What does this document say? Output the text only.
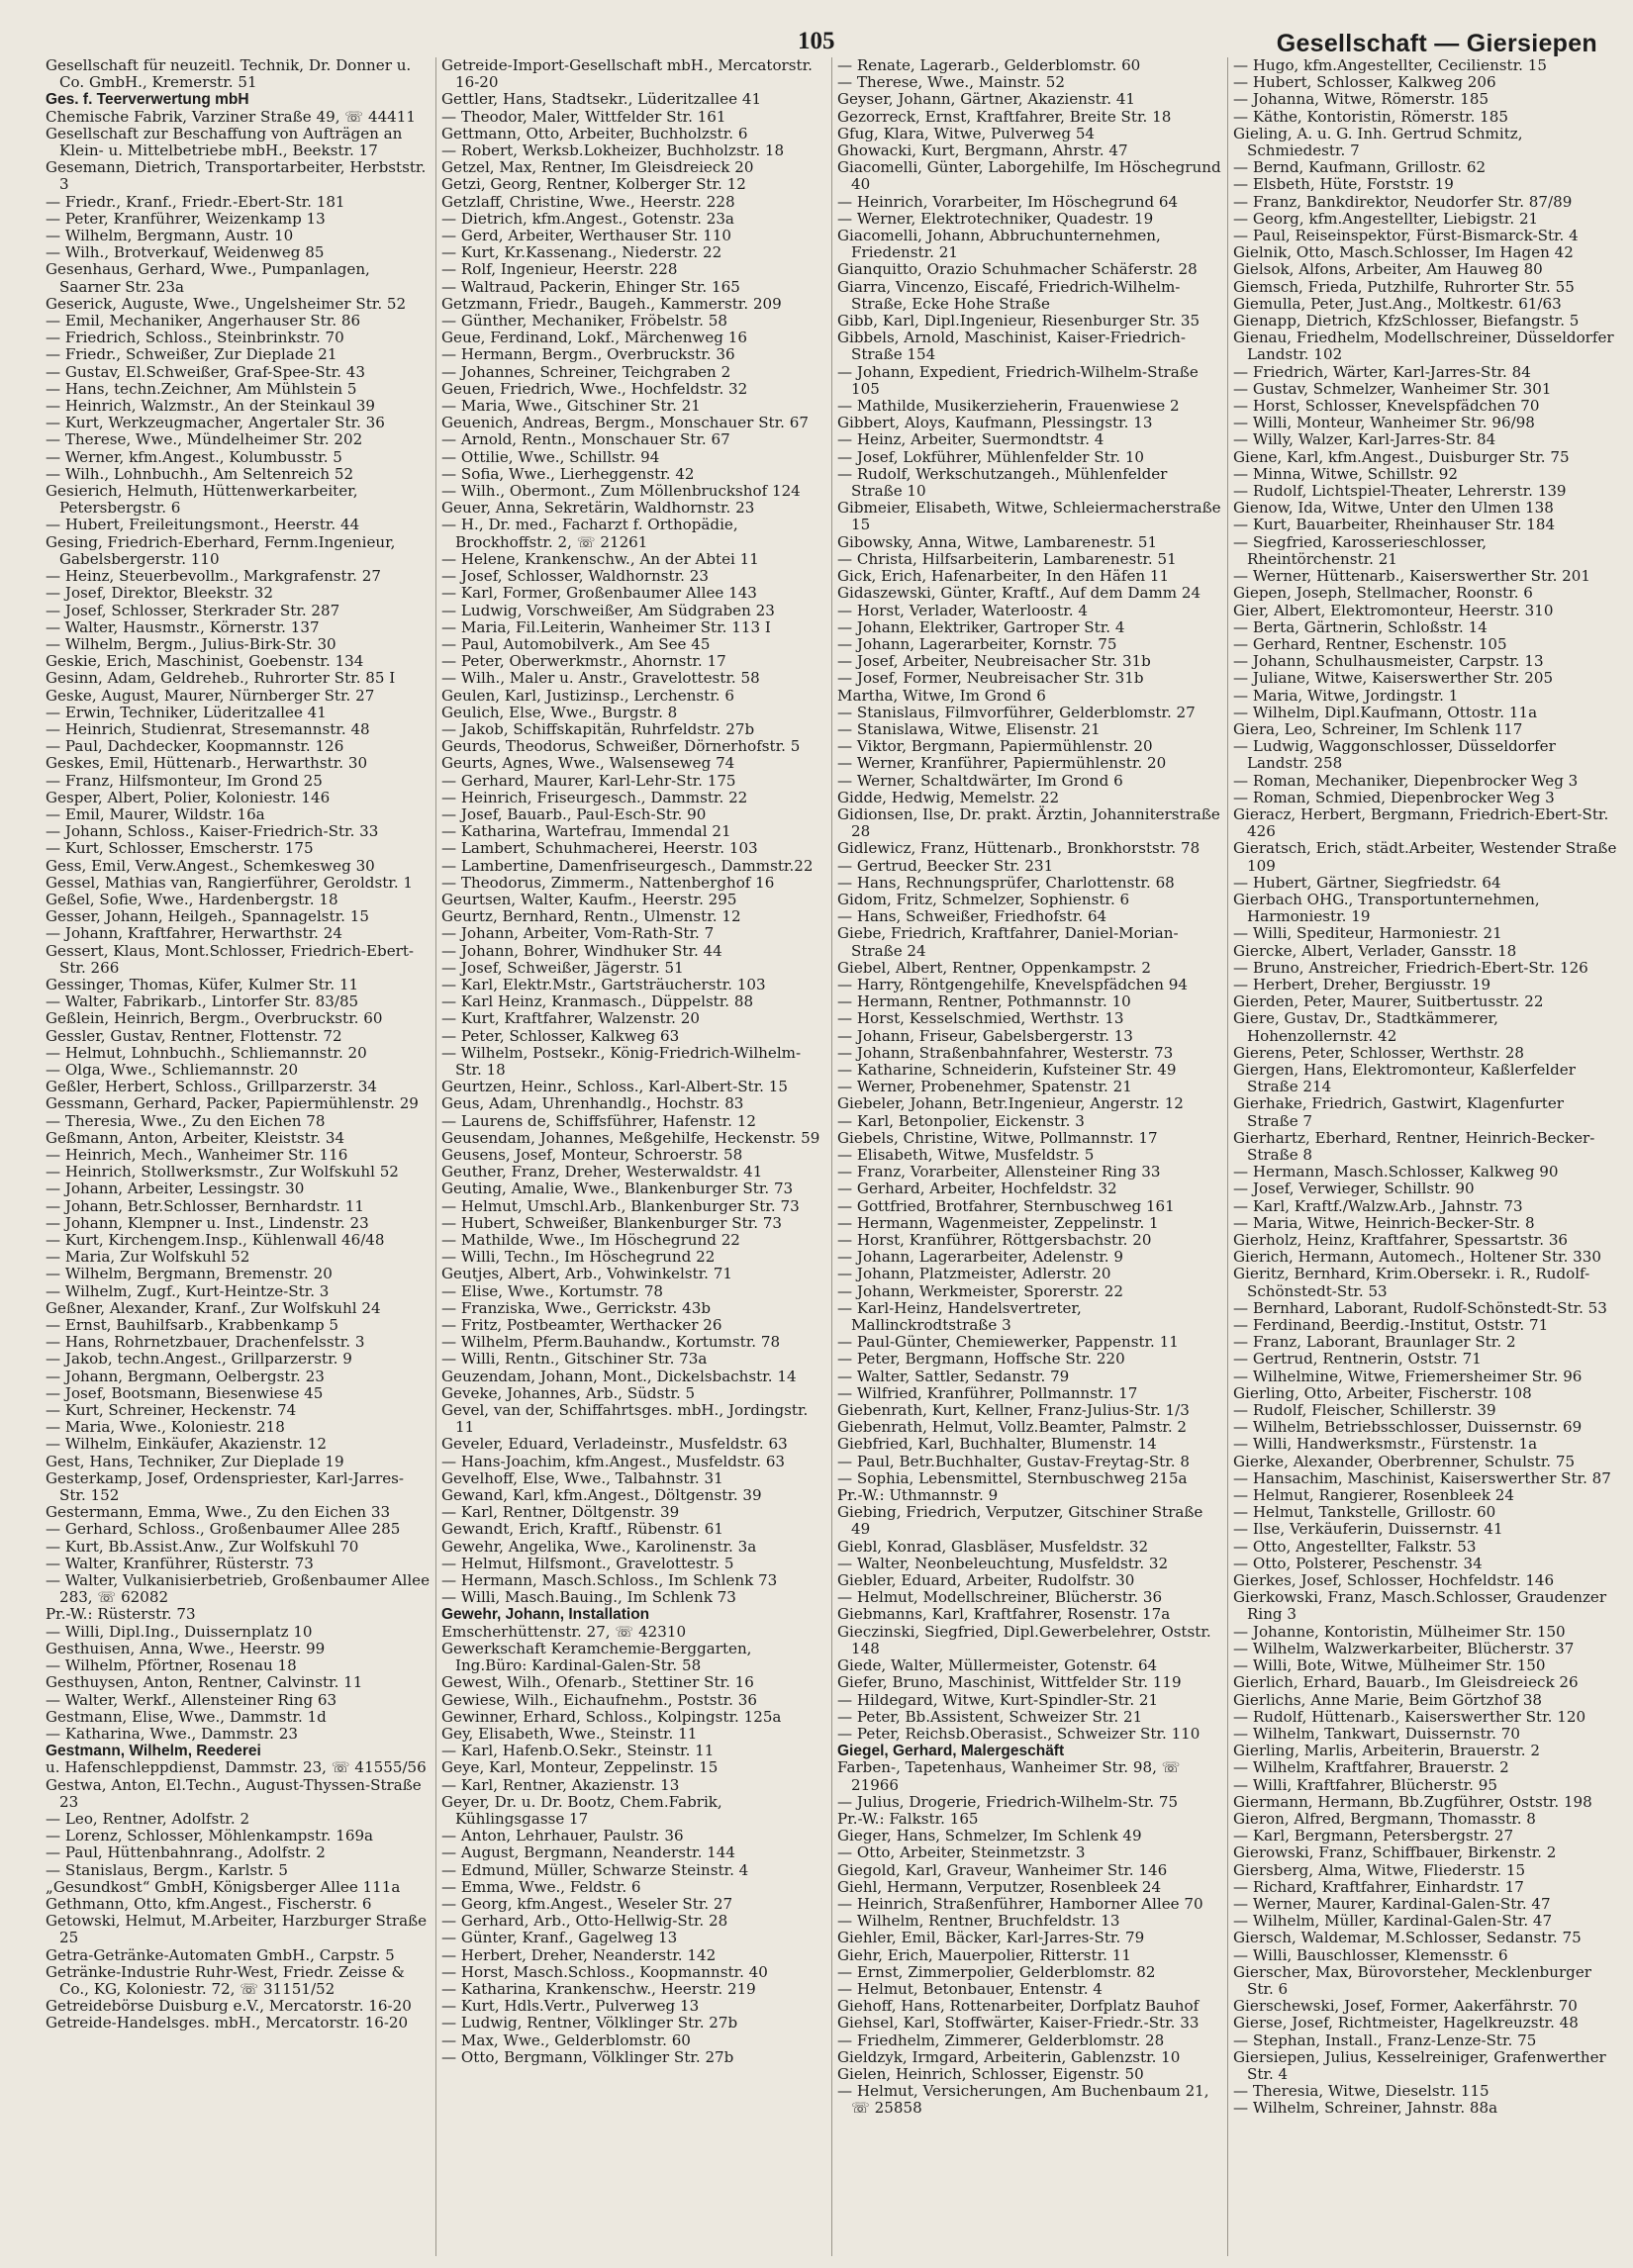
105	Gesellschaft — Giersiepen
Gesellschaft für neuzeitl. Technik, Dr. Donner u. Co. GmbH., Kremerstr. 51
Ges. f. Teerverwertung mbH
Chemische Fabrik, Varziner Straße 49, ☏ 44411
Gesellschaft zur Beschaffung von Aufträgen an Klein- u. Mittelbetriebe mbH., Beekstr. 17
Gesemann, Dietrich, Transportarbeiter, Herbststr. 3
— Friedr., Kranf., Friedr.-Ebert-Str. 181
— Peter, Kranführer, Weizenkamp 13
— Wilhelm, Bergmann, Austr. 10
— Wilh., Brotverkauf, Weidenweg 85
Gesenhaus, Gerhard, Wwe., Pumpanlagen, Saarner Str. 23a
Geserick, Auguste, Wwe., Ungelsheimer Str. 52
— Emil, Mechaniker, Angerhauser Str. 86
— Friedrich, Schloss., Steinbrinkstr. 70
— Friedr., Schweißer, Zur Dieplade 21
— Gustav, El.Schweißer, Graf-Spee-Str. 43
— Hans, techn.Zeichner, Am Mühlstein 5
— Heinrich, Walzmstr., An der Steinkaul 39
— Kurt, Werkzeugmacher, Angertaler Str. 36
— Therese, Wwe., Mündelheimer Str. 202
— Werner, kfm.Angest., Kolumbusstr. 5
— Wilh., Lohnbuchh., Am Seltenreich 52
Gesierich, Helmuth, Hüttenwerkarbeiter, Petersbergstr. 6
— Hubert, Freileitungsmont., Heerstr. 44
Gesing, Friedrich-Eberhard, Fernm.Ingenieur, Gabelsbergerstr. 110
— Heinz, Steuerbevollm., Markgrafenstr. 27
— Josef, Direktor, Bleekstr. 32
— Josef, Schlosser, Sterkrader Str. 287
— Walter, Hausmstr., Körnerstr. 137
— Wilhelm, Bergm., Julius-Birk-Str. 30
Geskie, Erich, Maschinist, Goebenstr. 134
Gesinn, Adam, Geldreheb., Ruhrorter Str. 85 I
Geske, August, Maurer, Nürnberger Str. 27
— Erwin, Techniker, Lüderitzallee 41
— Heinrich, Studienrat, Stresemannstr. 48
— Paul, Dachdecker, Koopmannstr. 126
Geskes, Emil, Hüttenarb., Herwarthstr. 30
— Franz, Hilfsmonteur, Im Grond 25
Gesper, Albert, Polier, Koloniestr. 146
— Emil, Maurer, Wildstr. 16a
— Johann, Schloss., Kaiser-Friedrich-Str. 33
— Kurt, Schlosser, Emscherstr. 175
Gess, Emil, Verw.Angest., Schemkesweg 30
Gessel, Mathias van, Rangierführer, Geroldstr. 1
Geßel, Sofie, Wwe., Hardenbergstr. 18
Gesser, Johann, Heilgeh., Spannagelstr. 15
— Johann, Kraftfahrer, Herwarthstr. 24
Gessert, Klaus, Mont.Schlosser, Friedrich-Ebert-Str. 266
Gessinger, Thomas, Küfer, Kulmer Str. 11
— Walter, Fabrikarb., Lintorfer Str. 83/85
Geßlein, Heinrich, Bergm., Overbruckstr. 60
Gessler, Gustav, Rentner, Flottenstr. 72
— Helmut, Lohnbuchh., Schliemannstr. 20
— Olga, Wwe., Schliemannstr. 20
Geßler, Herbert, Schloss., Grillparzerstr. 34
Gessmann, Gerhard, Packer, Papiermühlenstr. 29
— Theresia, Wwe., Zu den Eichen 78
Geßmann, Anton, Arbeiter, Kleiststr. 34
— Heinrich, Mech., Wanheimer Str. 116
— Heinrich, Stollwerksmstr., Zur Wolfskuhl 52
— Johann, Arbeiter, Lessingstr. 30
— Johann, Betr.Schlosser, Bernhardstr. 11
— Johann, Klempner u. Inst., Lindenstr. 23
— Kurt, Kirchengem.Insp., Kühlenwall 46/48
— Maria, Zur Wolfskuhl 52
— Wilhelm, Bergmann, Bremenstr. 20
— Wilhelm, Zugf., Kurt-Heintze-Str. 3
Geßner, Alexander, Kranf., Zur Wolfskuhl 24
— Ernst, Bauhilfsarb., Krabbenkamp 5
— Hans, Rohrnetzbauer, Drachenfelsstr. 3
— Jakob, techn.Angest., Grillparzerstr. 9
— Johann, Bergmann, Oelbergstr. 23
— Josef, Bootsmann, Biesenwiese 45
— Kurt, Schreiner, Heckenstr. 74
— Maria, Wwe., Koloniestr. 218
— Wilhelm, Einkäufer, Akazienstr. 12
Gest, Hans, Techniker, Zur Dieplade 19
Gesterkamp, Josef, Ordenspriester, Karl-Jarres-Str. 152
Gestermann, Emma, Wwe., Zu den Eichen 33
— Gerhard, Schloss., Großenbaumer Allee 285
— Kurt, Bb.Assist.Anw., Zur Wolfskuhl 70
— Walter, Kranführer, Rüsterstr. 73
— Walter, Vulkanisierbetrieb, Großenbaumer Allee 283, ☏ 62082
Pr.-W.: Rüsterstr. 73
— Willi, Dipl.Ing., Duissernplatz 10
Gesthuisen, Anna, Wwe., Heerstr. 99
— Wilhelm, Pförtner, Rosenau 18
Gesthuysen, Anton, Rentner, Calvinstr. 11
— Walter, Werkf., Allensteiner Ring 63
Gestmann, Elise, Wwe., Dammstr. 1d
— Katharina, Wwe., Dammstr. 23
Gestmann, Wilhelm, Reederei
u. Hafenschleppdienst, Dammstr. 23, ☏ 41555/56
Gestwa, Anton, El.Techn., August-Thyssen-Straße 23
— Leo, Rentner, Adolfstr. 2
— Lorenz, Schlosser, Möhlenkampstr. 169a
— Paul, Hüttenbahnrang., Adolfstr. 2
— Stanislaus, Bergm., Karlstr. 5
„Gesundkost“ GmbH, Königsberger Allee 111a
Gethmann, Otto, kfm.Angest., Fischerstr. 6
Getowski, Helmut, M.Arbeiter, Harzburger Straße 25
Getra-Getränke-Automaten GmbH., Carpstr. 5
Getränke-Industrie Ruhr-West, Friedr. Zeisse & Co., KG, Koloniestr. 72, ☏ 31151/52
Getreidebörse Duisburg e.V., Mercatorstr. 16-20
Getreide-Handelsges. mbH., Mercatorstr. 16-20
Getreide-Import-Gesellschaft mbH., Mercatorstr. 16-20
Gettler, Hans, Stadtsekr., Lüderitzallee 41
— Theodor, Maler, Wittfelder Str. 161
Gettmann, Otto, Arbeiter, Buchholzstr. 6
— Robert, Werksb.Lokheizer, Buchholzstr. 18
Getzel, Max, Rentner, Im Gleisdreieck 20
Getzi, Georg, Rentner, Kolberger Str. 12
Getzlaff, Christine, Wwe., Heerstr. 228
— Dietrich, kfm.Angest., Gotenstr. 23a
— Gerd, Arbeiter, Werthauser Str. 110
— Kurt, Kr.Kassenang., Niederstr. 22
— Rolf, Ingenieur, Heerstr. 228
— Waltraud, Packerin, Ehinger Str. 165
Getzmann, Friedr., Baugeh., Kammerstr. 209
— Günther, Mechaniker, Fröbelstr. 58
Geue, Ferdinand, Lokf., Märchenweg 16
— Hermann, Bergm., Overbruckstr. 36
— Johannes, Schreiner, Teichgraben 2
Geuen, Friedrich, Wwe., Hochfeldstr. 32
— Maria, Wwe., Gitschiner Str. 21
Geuenich, Andreas, Bergm., Monschauer Str. 67
— Arnold, Rentn., Monschauer Str. 67
— Ottilie, Wwe., Schillstr. 94
— Sofia, Wwe., Lierheggenstr. 42
— Wilh., Obermont., Zum Möllenbruckshof 124
Geuer, Anna, Sekretärin, Waldhornstr. 23
— H., Dr. med., Facharzt f. Orthopädie, Brockhoffstr. 2, ☏ 21261
— Helene, Krankenschw., An der Abtei 11
— Josef, Schlosser, Waldhornstr. 23
— Karl, Former, Großenbaumer Allee 143
— Ludwig, Vorschweißer, Am Südgraben 23
— Maria, Fil.Leiterin, Wanheimer Str. 113 I
— Paul, Automobilverk., Am See 45
— Peter, Oberwerkmstr., Ahornstr. 17
— Wilh., Maler u. Anstr., Gravelottestr. 58
Geulen, Karl, Justizinsp., Lerchenstr. 6
Geulich, Else, Wwe., Burgstr. 8
— Jakob, Schiffskapitän, Ruhrfeldstr. 27b
Geurds, Theodorus, Schweißer, Dörnerhofstr. 5
Geurts, Agnes, Wwe., Walsenseweg 74
— Gerhard, Maurer, Karl-Lehr-Str. 175
— Heinrich, Friseurgesch., Dammstr. 22
— Josef, Bauarb., Paul-Esch-Str. 90
— Katharina, Wartefrau, Immendal 21
— Lambert, Schuhmacherei, Heerstr. 103
— Lambertine, Damenfriseurgesch., Dammstr.22
— Theodorus, Zimmerm., Nattenberghof 16
Geurtsen, Walter, Kaufm., Heerstr. 295
Geurtz, Bernhard, Rentn., Ulmenstr. 12
— Johann, Arbeiter, Vom-Rath-Str. 7
— Johann, Bohrer, Windhuker Str. 44
— Josef, Schweißer, Jägerstr. 51
— Karl, Elektr.Mstr., Gartsträucherstr. 103
— Karl Heinz, Kranmasch., Düppelstr. 88
— Kurt, Kraftfahrer, Walzenstr. 20
— Peter, Schlosser, Kalkweg 63
— Wilhelm, Postsekr., König-Friedrich-Wilhelm-Str. 18
Geurtzen, Heinr., Schloss., Karl-Albert-Str. 15
Geus, Adam, Uhrenhandlg., Hochstr. 83
— Laurens de, Schiffsführer, Hafenstr. 12
Geusendam, Johannes, Meßgehilfe, Heckenstr. 59
Geusens, Josef, Monteur, Schroerstr. 58
Geuther, Franz, Dreher, Westerwaldstr. 41
Geuting, Amalie, Wwe., Blankenburger Str. 73
— Helmut, Umschl.Arb., Blankenburger Str. 73
— Hubert, Schweißer, Blankenburger Str. 73
— Mathilde, Wwe., Im Höschegrund 22
— Willi, Techn., Im Höschegrund 22
Geutjes, Albert, Arb., Vohwinkelstr. 71
— Elise, Wwe., Kortumstr. 78
— Franziska, Wwe., Gerrickstr. 43b
— Fritz, Postbeamter, Werthacker 26
— Wilhelm, Pferm.Bauhandw., Kortumstr. 78
— Willi, Rentn., Gitschiner Str. 73a
Geuzendam, Johann, Mont., Dickelsbachstr. 14
Geveke, Johannes, Arb., Südstr. 5
Gevel, van der, Schiffahrtsges. mbH., Jordingstr. 11
Geveler, Eduard, Verladeinstr., Musfeldstr. 63
— Hans-Joachim, kfm.Angest., Musfeldstr. 63
Gevelhoff, Else, Wwe., Talbahnstr. 31
Gewand, Karl, kfm.Angest., Döltgenstr. 39
— Karl, Rentner, Döltgenstr. 39
Gewandt, Erich, Kraftf., Rübenstr. 61
Gewehr, Angelika, Wwe., Karolinenstr. 3a
— Helmut, Hilfsmont., Gravelottestr. 5
— Hermann, Masch.Schloss., Im Schlenk 73
— Willi, Masch.Bauing., Im Schlenk 73
Gewehr, Johann, Installation
Emscherhüttenstr. 27, ☏ 42310
Gewerkschaft Keramchemie-Berggarten, Ing.Büro: Kardinal-Galen-Str. 58
Gewest, Wilh., Ofenarb., Stettiner Str. 16
Gewiese, Wilh., Eichaufnehm., Poststr. 36
Gewinner, Erhard, Schloss., Kolpingstr. 125a
Gey, Elisabeth, Wwe., Steinstr. 11
— Karl, Hafenb.O.Sekr., Steinstr. 11
Geye, Karl, Monteur, Zeppelinstr. 15
— Karl, Rentner, Akazienstr. 13
Geyer, Dr. u. Dr. Bootz, Chem.Fabrik, Kühlingsgasse 17
— Anton, Lehrhauer, Paulstr. 36
— August, Bergmann, Neanderstr. 144
— Edmund, Müller, Schwarze Steinstr. 4
— Emma, Wwe., Feldstr. 6
— Georg, kfm.Angest., Weseler Str. 27
— Gerhard, Arb., Otto-Hellwig-Str. 28
— Günter, Kranf., Gagelweg 13
— Herbert, Dreher, Neanderstr. 142
— Horst, Masch.Schloss., Koopmannstr. 40
— Katharina, Krankenschw., Heerstr. 219
— Kurt, Hdls.Vertr., Pulverweg 13
— Ludwig, Rentner, Völklinger Str. 27b
— Max, Wwe., Gelderblomstr. 60
— Otto, Bergmann, Völklinger Str. 27b
— Renate, Lagerarb., Gelderblomstr. 60
— Therese, Wwe., Mainstr. 52
Geyser, Johann, Gärtner, Akazienstr. 41
Gezorreck, Ernst, Kraftfahrer, Breite Str. 18
Gfug, Klara, Witwe, Pulverweg 54
Ghowacki, Kurt, Bergmann, Ahrstr. 47
Giacomelli, Günter, Laborgehilfe, Im Höschegrund 40
— Heinrich, Vorarbeiter, Im Höschegrund 64
— Werner, Elektrotechniker, Quadestr. 19
Giacomelli, Johann, Abbruchunternehmen, Friedenstr. 21
Gianquitto, Orazio Schuhmacher Schäferstr. 28
Giarra, Vincenzo, Eiscafé, Friedrich-Wilhelm-Straße, Ecke Hohe Straße
Gibb, Karl, Dipl.Ingenieur, Riesenburger Str. 35
Gibbels, Arnold, Maschinist, Kaiser-Friedrich-Straße 154
— Johann, Expedient, Friedrich-Wilhelm-Straße 105
— Mathilde, Musikerzieherin, Frauenwiese 2
Gibbert, Aloys, Kaufmann, Plessingstr. 13
— Heinz, Arbeiter, Suermondtstr. 4
— Josef, Lokführer, Mühlenfelder Str. 10
— Rudolf, Werkschutzangeh., Mühlenfelder Straße 10
Gibmeier, Elisabeth, Witwe, Schleiermacherstraße 15
Gibowsky, Anna, Witwe, Lambarenestr. 51
— Christa, Hilfsarbeiterin, Lambarenestr. 51
Gick, Erich, Hafenarbeiter, In den Häfen 11
Gidaszewski, Günter, Kraftf., Auf dem Damm 24
— Horst, Verlader, Waterloostr. 4
— Johann, Elektriker, Gartroper Str. 4
— Johann, Lagerarbeiter, Kornstr. 75
— Josef, Arbeiter, Neubreisacher Str. 31b
— Josef, Former, Neubreisacher Str. 31b
Martha, Witwe, Im Grond 6
— Stanislaus, Filmvorführer, Gelderblomstr. 27
— Stanislawa, Witwe, Elisenstr. 21
— Viktor, Bergmann, Papiermühlenstr. 20
— Werner, Kranführer, Papiermühlenstr. 20
— Werner, Schaltdwärter, Im Grond 6
Gidde, Hedwig, Memelstr. 22
Gidionsen, Ilse, Dr. prakt. Ärztin, Johanniterstraße 28
Gidlewicz, Franz, Hüttenarb., Bronkhorststr. 78
— Gertrud, Beecker Str. 231
— Hans, Rechnungsprüfer, Charlottenstr. 68
Gidom, Fritz, Schmelzer, Sophienstr. 6
— Hans, Schweißer, Friedhofstr. 64
Giebe, Friedrich, Kraftfahrer, Daniel-Morian-Straße 24
Giebel, Albert, Rentner, Oppenkampstr. 2
— Harry, Röntgengehilfe, Knevelspfädchen 94
— Hermann, Rentner, Pothmannstr. 10
— Horst, Kesselschmied, Werthstr. 13
— Johann, Friseur, Gabelsbergerstr. 13
— Johann, Straßenbahnfahrer, Westerstr. 73
— Katharine, Schneiderin, Kufsteiner Str. 49
— Werner, Probenehmer, Spatenstr. 21
Giebeler, Johann, Betr.Ingenieur, Angerstr. 12
— Karl, Betonpolier, Eickenstr. 3
Giebels, Christine, Witwe, Pollmannstr. 17
— Elisabeth, Witwe, Musfeldstr. 5
— Franz, Vorarbeiter, Allensteiner Ring 33
— Gerhard, Arbeiter, Hochfeldstr. 32
— Gottfried, Brotfahrer, Sternbuschweg 161
— Hermann, Wagenmeister, Zeppelinstr. 1
— Horst, Kranführer, Röttgersbachstr. 20
— Johann, Lagerarbeiter, Adelenstr. 9
— Johann, Platzmeister, Adlerstr. 20
— Johann, Werkmeister, Sporerstr. 22
— Karl-Heinz, Handelsvertreter, Mallinckrodtstraße 3
— Paul-Günter, Chemiewerker, Pappenstr. 11
— Peter, Bergmann, Hoffsche Str. 220
— Walter, Sattler, Sedanstr. 79
— Wilfried, Kranführer, Pollmannstr. 17
Giebenrath, Kurt, Kellner, Franz-Julius-Str. 1/3
Giebenrath, Helmut, Vollz.Beamter, Palmstr. 2
Giebfried, Karl, Buchhalter, Blumenstr. 14
— Paul, Betr.Buchhalter, Gustav-Freytag-Str. 8
— Sophia, Lebensmittel, Sternbuschweg 215a
Pr.-W.: Uthmannstr. 9
Giebing, Friedrich, Verputzer, Gitschiner Straße 49
Giebl, Konrad, Glasbläser, Musfeldstr. 32
— Walter, Neonbeleuchtung, Musfeldstr. 32
Giebler, Eduard, Arbeiter, Rudolfstr. 30
— Helmut, Modellschreiner, Blücherstr. 36
Giebmanns, Karl, Kraftfahrer, Rosenstr. 17a
Gieczinski, Siegfried, Dipl.Gewerbelehrer, Oststr. 148
Giede, Walter, Müllermeister, Gotenstr. 64
Giefer, Bruno, Maschinist, Wittfelder Str. 119
— Hildegard, Witwe, Kurt-Spindler-Str. 21
— Peter, Bb.Assistent, Schweizer Str. 21
— Peter, Reichsb.Oberasist., Schweizer Str. 110
Giegel, Gerhard, Malergeschäft
Farben-, Tapetenhaus, Wanheimer Str. 98, ☏ 21966
— Julius, Drogerie, Friedrich-Wilhelm-Str. 75
Pr.-W.: Falkstr. 165
Gieger, Hans, Schmelzer, Im Schlenk 49
— Otto, Arbeiter, Steinmetzstr. 3
Giegold, Karl, Graveur, Wanheimer Str. 146
Giehl, Hermann, Verputzer, Rosenbleek 24
— Heinrich, Straßenführer, Hamborner Allee 70
— Wilhelm, Rentner, Bruchfeldstr. 13
Giehler, Emil, Bäcker, Karl-Jarres-Str. 79
Giehr, Erich, Mauerpolier, Ritterstr. 11
— Ernst, Zimmerpolier, Gelderblomstr. 82
— Helmut, Betonbauer, Entenstr. 4
Giehoff, Hans, Rottenarbeiter, Dorfplatz Bauhof
Giehsel, Karl, Stoffwärter, Kaiser-Friedr.-Str. 33
— Friedhelm, Zimmerer, Gelderblomstr. 28
Gieldzyk, Irmgard, Arbeiterin, Gablenzstr. 10
Gielen, Heinrich, Schlosser, Eigenstr. 50
— Helmut, Versicherungen, Am Buchenbaum 21, ☏ 25858
— Hugo, kfm.Angestellter, Cecilienstr. 15
— Hubert, Schlosser, Kalkweg 206
— Johanna, Witwe, Römerstr. 185
— Käthe, Kontoristin, Römerstr. 185
Gieling, A. u. G. Inh. Gertrud Schmitz, Schmiedestr. 7
— Bernd, Kaufmann, Grillostr. 62
— Elsbeth, Hüte, Forststr. 19
— Franz, Bankdirektor, Neudorfer Str. 87/89
— Georg, kfm.Angestellter, Liebigstr. 21
— Paul, Reiseinspektor, Fürst-Bismarck-Str. 4
Gielnik, Otto, Masch.Schlosser, Im Hagen 42
Gielsok, Alfons, Arbeiter, Am Hauweg 80
Giemsch, Frieda, Putzhilfe, Ruhrorter Str. 55
Giemulla, Peter, Just.Ang., Moltkestr. 61/63
Gienapp, Dietrich, KfzSchlosser, Biefangstr. 5
Gienau, Friedhelm, Modellschreiner, Düsseldorfer Landstr. 102
— Friedrich, Wärter, Karl-Jarres-Str. 84
— Gustav, Schmelzer, Wanheimer Str. 301
— Horst, Schlosser, Knevelspfädchen 70
— Willi, Monteur, Wanheimer Str. 96/98
— Willy, Walzer, Karl-Jarres-Str. 84
Giene, Karl, kfm.Angest., Duisburger Str. 75
— Minna, Witwe, Schillstr. 92
— Rudolf, Lichtspiel-Theater, Lehrerstr. 139
Gienow, Ida, Witwe, Unter den Ulmen 138
— Kurt, Bauarbeiter, Rheinhauser Str. 184
— Siegfried, Karosserieschlosser, Rheintörchenstr. 21
— Werner, Hüttenarb., Kaiserswerther Str. 201
Giepen, Joseph, Stellmacher, Roonstr. 6
Gier, Albert, Elektromonteur, Heerstr. 310
— Berta, Gärtnerin, Schloßstr. 14
— Gerhard, Rentner, Eschenstr. 105
— Johann, Schulhausmeister, Carpstr. 13
— Juliane, Witwe, Kaiserswerther Str. 205
— Maria, Witwe, Jordingstr. 1
— Wilhelm, Dipl.Kaufmann, Ottostr. 11a
Giera, Leo, Schreiner, Im Schlenk 117
— Ludwig, Waggonschlosser, Düsseldorfer Landstr. 258
— Roman, Mechaniker, Diepenbrocker Weg 3
— Roman, Schmied, Diepenbrocker Weg 3
Gieracz, Herbert, Bergmann, Friedrich-Ebert-Str. 426
Gieratsch, Erich, städt.Arbeiter, Westender Straße 109
— Hubert, Gärtner, Siegfriedstr. 64
Gierbach OHG., Transportunternehmen, Harmoniestr. 19
— Willi, Spediteur, Harmoniestr. 21
Giercke, Albert, Verlader, Gansstr. 18
— Bruno, Anstreicher, Friedrich-Ebert-Str. 126
— Herbert, Dreher, Bergiusstr. 19
Gierden, Peter, Maurer, Suitbertusstr. 22
Giere, Gustav, Dr., Stadtkämmerer, Hohenzollernstr. 42
Gierens, Peter, Schlosser, Werthstr. 28
Giergen, Hans, Elektromonteur, Kaßlerfelder Straße 214
Gierhake, Friedrich, Gastwirt, Klagenfurter Straße 7
Gierhartz, Eberhard, Rentner, Heinrich-Becker-Straße 8
— Hermann, Masch.Schlosser, Kalkweg 90
— Josef, Verwieger, Schillstr. 90
— Karl, Kraftf./Walzw.Arb., Jahnstr. 73
— Maria, Witwe, Heinrich-Becker-Str. 8
Gierholz, Heinz, Kraftfahrer, Spessartstr. 36
Gierich, Hermann, Automech., Holtener Str. 330
Gieritz, Bernhard, Krim.Obersekr. i. R., Rudolf-Schönstedt-Str. 53
— Bernhard, Laborant, Rudolf-Schönstedt-Str. 53
— Ferdinand, Beerdig.-Institut, Oststr. 71
— Franz, Laborant, Braunlager Str. 2
— Gertrud, Rentnerin, Oststr. 71
— Wilhelmine, Witwe, Friemersheimer Str. 96
Gierling, Otto, Arbeiter, Fischerstr. 108
— Rudolf, Fleischer, Schillerstr. 39
— Wilhelm, Betriebsschlosser, Duissernstr. 69
— Willi, Handwerksmstr., Fürstenstr. 1a
Gierke, Alexander, Oberbrenner, Schulstr. 75
— Hansachim, Maschinist, Kaiserswerther Str. 87
— Helmut, Rangierer, Rosenbleek 24
— Helmut, Tankstelle, Grillostr. 60
— Ilse, Verkäuferin, Duissernstr. 41
— Otto, Angestellter, Falkstr. 53
— Otto, Polsterer, Peschenstr. 34
Gierkes, Josef, Schlosser, Hochfeldstr. 146
Gierkowski, Franz, Masch.Schlosser, Graudenzer Ring 3
— Johanne, Kontoristin, Mülheimer Str. 150
— Wilhelm, Walzwerkarbeiter, Blücherstr. 37
— Willi, Bote, Witwe, Mülheimer Str. 150
Gierlich, Erhard, Bauarb., Im Gleisdreieck 26
Gierlichs, Anne Marie, Beim Görtzhof 38
— Rudolf, Hüttenarb., Kaiserswerther Str. 120
— Wilhelm, Tankwart, Duissernstr. 70
Gierling, Marlis, Arbeiterin, Brauerstr. 2
— Wilhelm, Kraftfahrer, Brauerstr. 2
— Willi, Kraftfahrer, Blücherstr. 95
Giermann, Hermann, Bb.Zugführer, Oststr. 198
Gieron, Alfred, Bergmann, Thomasstr. 8
— Karl, Bergmann, Petersbergstr. 27
Gierowski, Franz, Schiffbauer, Birkenstr. 2
Giersberg, Alma, Witwe, Fliederstr. 15
— Richard, Kraftfahrer, Einhardstr. 17
— Werner, Maurer, Kardinal-Galen-Str. 47
— Wilhelm, Müller, Kardinal-Galen-Str. 47
Giersch, Waldemar, M.Schlosser, Sedanstr. 75
— Willi, Bauschlosser, Klemensstr. 6
Gierscher, Max, Bürovorsteher, Mecklenburger Str. 6
Gierschewski, Josef, Former, Aakerfährstr. 70
Gierse, Josef, Richtmeister, Hagelkreuzstr. 48
— Stephan, Install., Franz-Lenze-Str. 75
Giersiepen, Julius, Kesselreiniger, Grafenwerther Str. 4
— Theresia, Witwe, Dieselstr. 115
— Wilhelm, Schreiner, Jahnstr. 88a
